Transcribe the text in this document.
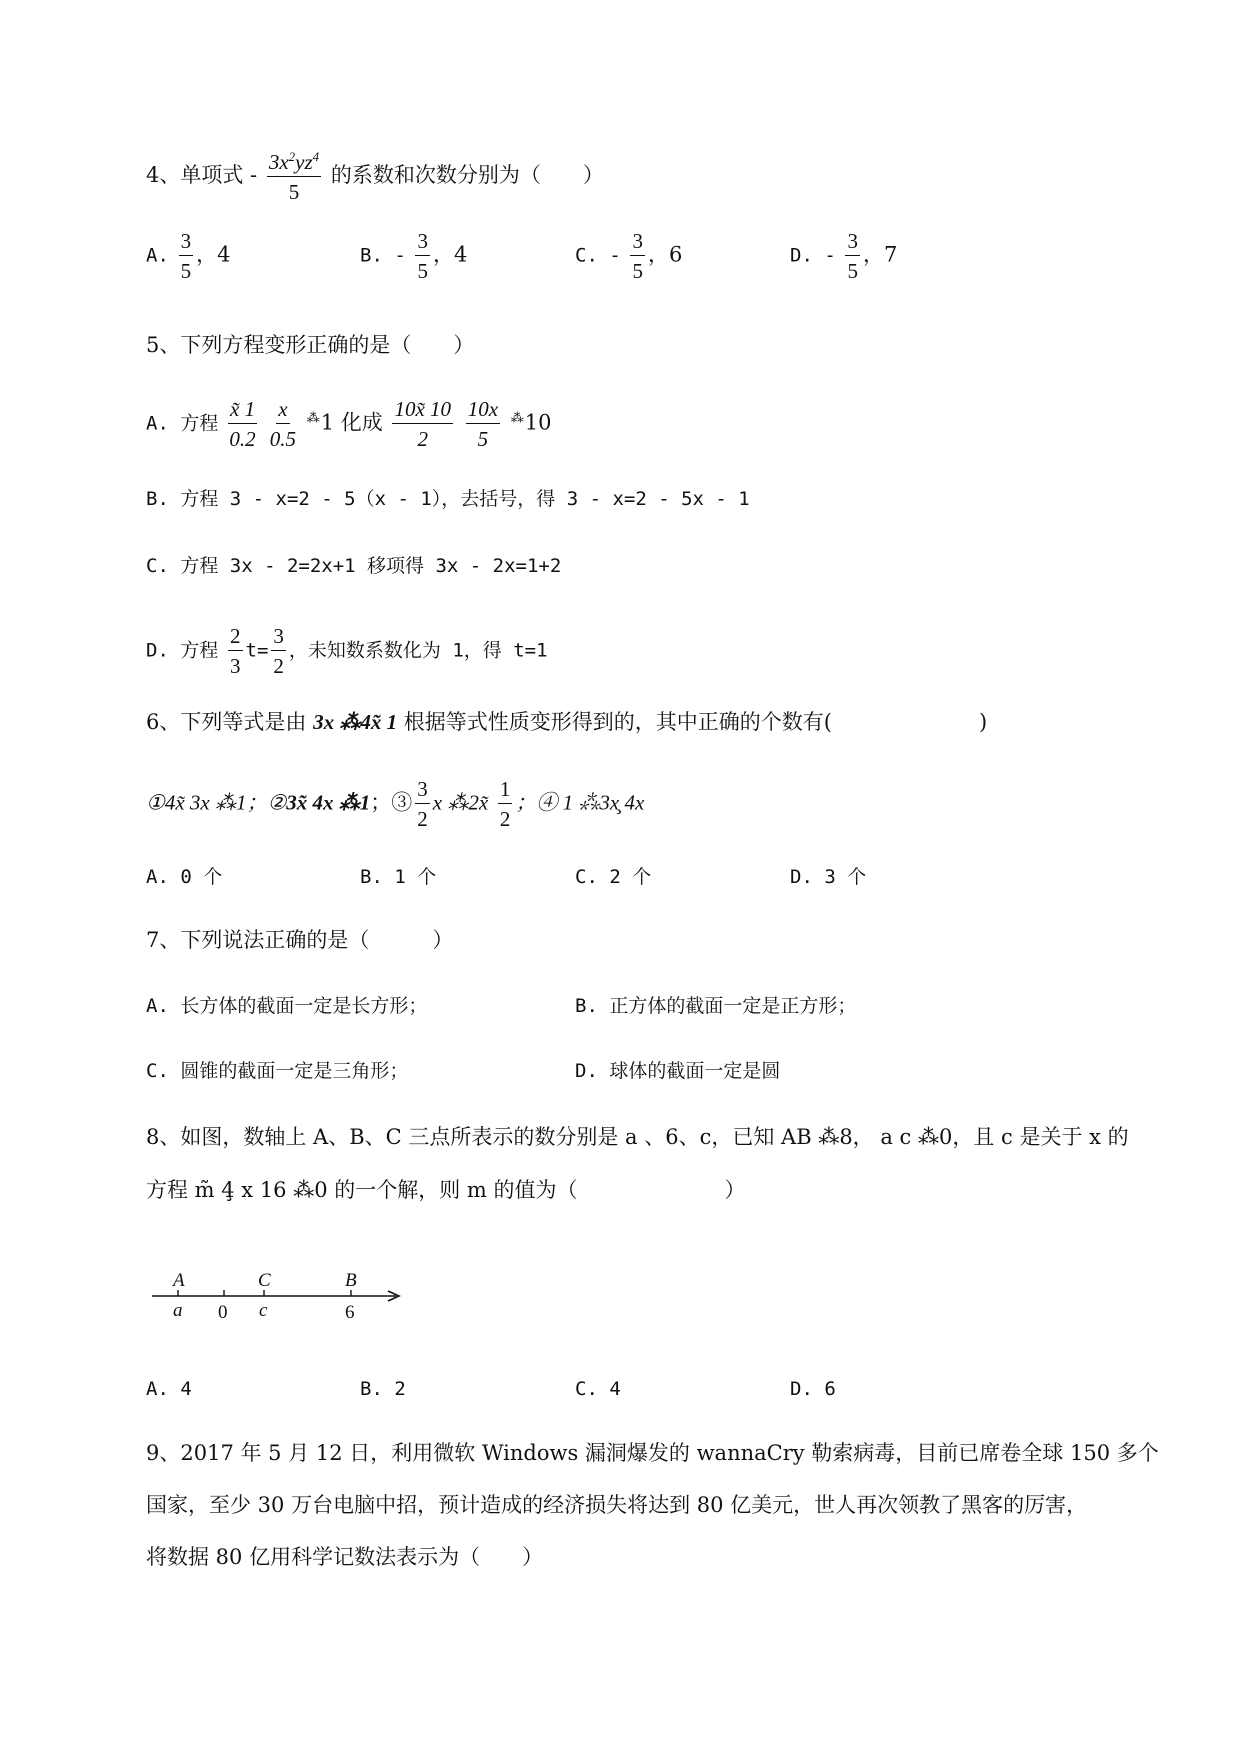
4、单项式 - $\frac{3x^2yz^4}{5}$ 的系数和次数分别为（　　）
A. $\frac{3}{5}$ ，4	B. - $\frac{3}{5}$ ，4	C. - $\frac{3}{5}$ ，6	D. - $\frac{3}{5}$ ，7
5、下列方程变形正确的是（　　）
A. 方程 $\frac{x̃ 1}{0.2}$
$\frac{x}{0.5} ^⁂1$ 化成 $\frac{10x̃ 10}{2}$
$\frac{10x}{5} ^⁂10$
B. 方程 3 - x=2 - 5（x - 1），去括号，得 3 - x=2 - 5x - 1
C. 方程 3x - 2=2x+1 移项得 3x - 2x=1+2
D. 方程 $\frac{2}{3} t= \frac{3}{2}$ ，未知数系数化为 1，得 t=1
6、下列等式是由 3x ⁂4x̃ 1 根据等式性质变形得到的，其中正确的个数有(　　　　　　　)
①4x̃ 3x ⁂1；②3x̃ 4x ⁂1；③ $\frac{3}{2}$ x ⁂2x̃ $\frac{1}{2}$ ；④ 1 ⁂3x̧ 4x
A. 0 个	B. 1 个	C. 2 个	D. 3 个
7、下列说法正确的是（　　　）
A. 长方体的截面一定是长方形；	B. 正方体的截面一定是正方形；
C. 圆锥的截面一定是三角形；	D. 球体的截面一定是圆
8、如图，数轴上 A、B、C 三点所表示的数分别是 a 、6、c，已知 AB ⁂8， a c ⁂0，且 c 是关于 x 的
方程 m̃ 4̧ x 16 ⁂0 的一个解，则 m 的值为（　　　　　　　）
A	C	B
a 0 c	6
A. 4	B. 2	C. 4	D. 6
9、2017 年 5 月 12 日，利用微软 Windows 漏洞爆发的 wannaCry 勒索病毒，目前已席卷全球 150 多个
国家，至少 30 万台电脑中招，预计造成的经济损失将达到 80 亿美元，世人再次领教了黑客的厉害，
将数据 80 亿用科学记数法表示为（　　）
